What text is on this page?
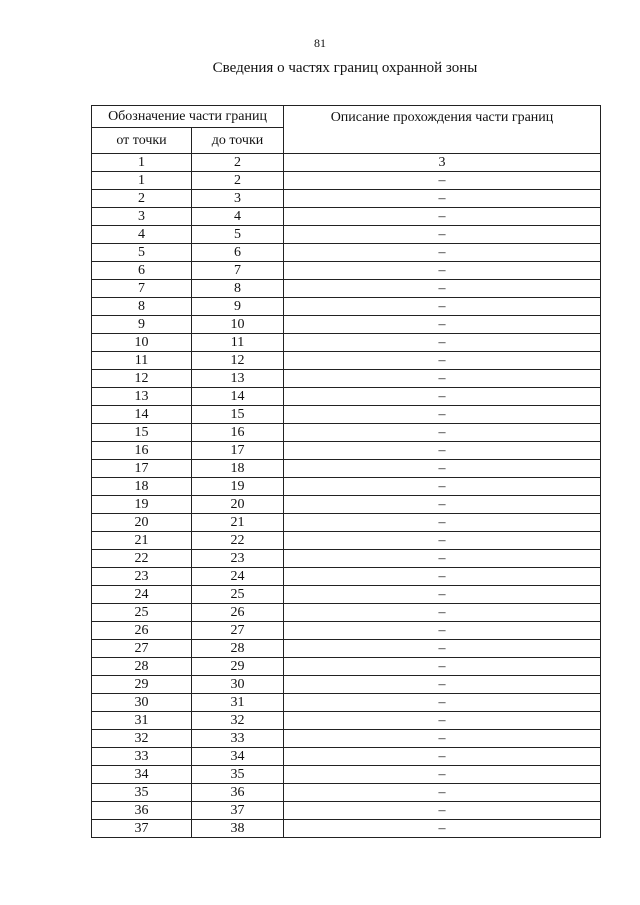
81
Сведения о частях границ охранной зоны
Обозначение части границ		Описание прохождения части границ
от точки	до точки	
1	2	3
1	2	–
2	3	–
3	4	–
4	5	–
5	6	–
6	7	–
7	8	–
8	9	–
9	10	–
10	11	–
11	12	–
12	13	–
13	14	–
14	15	–
15	16	–
16	17	–
17	18	–
18	19	–
19	20	–
20	21	–
21	22	–
22	23	–
23	24	–
24	25	–
25	26	–
26	27	–
27	28	–
28	29	–
29	30	–
30	31	–
31	32	–
32	33	–
33	34	–
34	35	–
35	36	–
36	37	–
37	38	–
